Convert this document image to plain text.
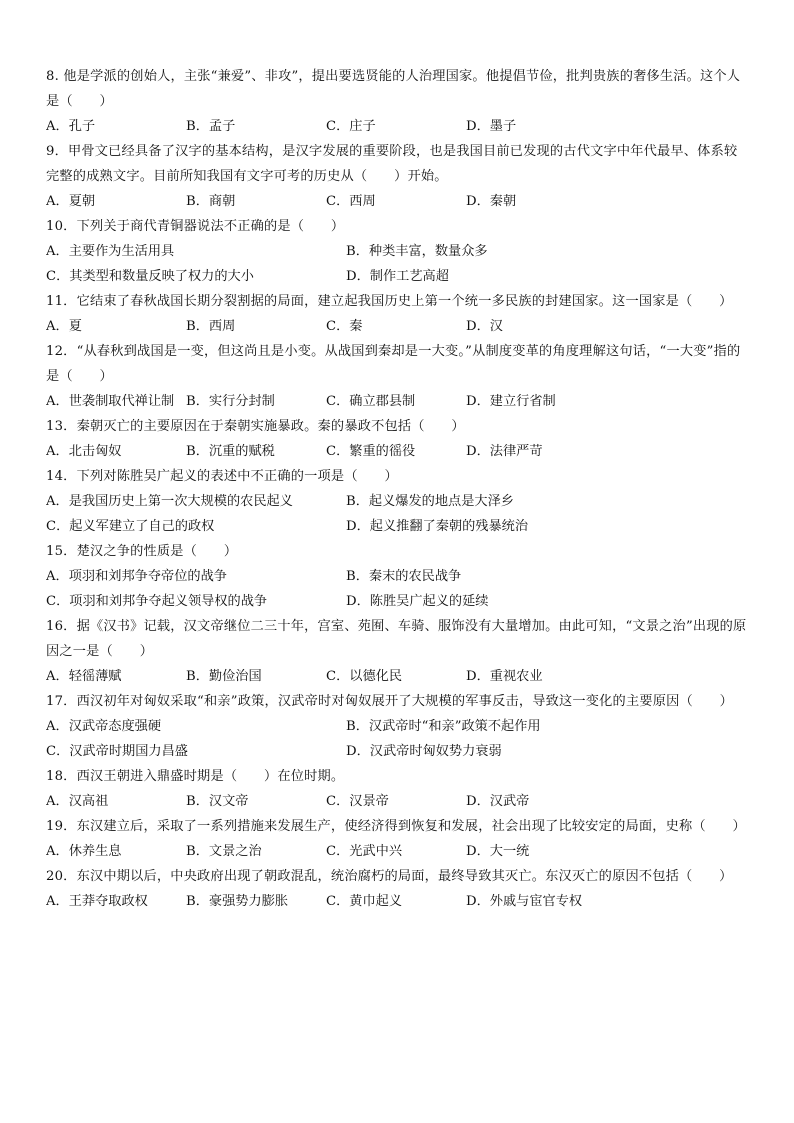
8. 他是学派的创始人，主张“兼爱”、非攻”，提出要选贤能的人治理国家。他提倡节俭，批判贵族的奢侈生活。这个人是（　　）
A．孔子	B．孟子	C．庄子	D．墨子
9．甲骨文已经具备了汉字的基本结构，是汉字发展的重要阶段，也是我国目前已发现的古代文字中年代最早、体系较完整的成熟文字。目前所知我国有文字可考的历史从（　　）开始。
A．夏朝	B．商朝	C．西周	D．秦朝
10．下列关于商代青铜器说法不正确的是（　　）
A．主要作为生活用具	B．种类丰富，数量众多
C．其类型和数量反映了权力的大小	D．制作工艺高超
11．它结束了春秋战国长期分裂割据的局面，建立起我国历史上第一个统一多民族的封建国家。这一国家是（　　）
A．夏	B．西周	C．秦	D．汉
12．“从春秋到战国是一变，但这尚且是小变。从战国到秦却是一大变。”从制度变革的角度理解这句话，“一大变”指的是（　　）
A．世袭制取代禅让制 B．实行分封制	C．确立郡县制	D．建立行省制
13．秦朝灭亡的主要原因在于秦朝实施暴政。秦的暴政不包括（　　）
A．北击匈奴	B．沉重的赋税	C．繁重的徭役	D．法律严苛
14．下列对陈胜吴广起义的表述中不正确的一项是（　　）
A．是我国历史上第一次大规模的农民起义	B．起义爆发的地点是大泽乡
C．起义军建立了自己的政权	D．起义推翻了秦朝的残暴统治
15．楚汉之争的性质是（　　）
A．项羽和刘邦争夺帝位的战争	B．秦末的农民战争
C．项羽和刘邦争夺起义领导权的战争	D．陈胜吴广起义的延续
16．据《汉书》记载，汉文帝继位二三十年，宫室、苑囿、车骑、服饰没有大量增加。由此可知，“文景之治”出现的原因之一是（　　）
A．轻徭薄赋	B．勤俭治国	C．以德化民	D．重视农业
17．西汉初年对匈奴采取“和亲”政策，汉武帝时对匈奴展开了大规模的军事反击，导致这一变化的主要原因（　　）
A．汉武帝态度强硬	B．汉武帝时“和亲”政策不起作用
C．汉武帝时期国力昌盛	D．汉武帝时匈奴势力衰弱
18．西汉王朝进入鼎盛时期是（　　）在位时期。
A．汉高祖	B．汉文帝	C．汉景帝	D．汉武帝
19．东汉建立后，采取了一系列措施来发展生产，使经济得到恢复和发展，社会出现了比较安定的局面，史称（　　）
A．休养生息	B．文景之治	C．光武中兴	D．大一统
20．东汉中期以后，中央政府出现了朝政混乱，统治腐朽的局面，最终导致其灭亡。东汉灭亡的原因不包括（　　）
A．王莽夺取政权	B．豪强势力膨胀	C．黄巾起义	D．外戚与宦官专权
